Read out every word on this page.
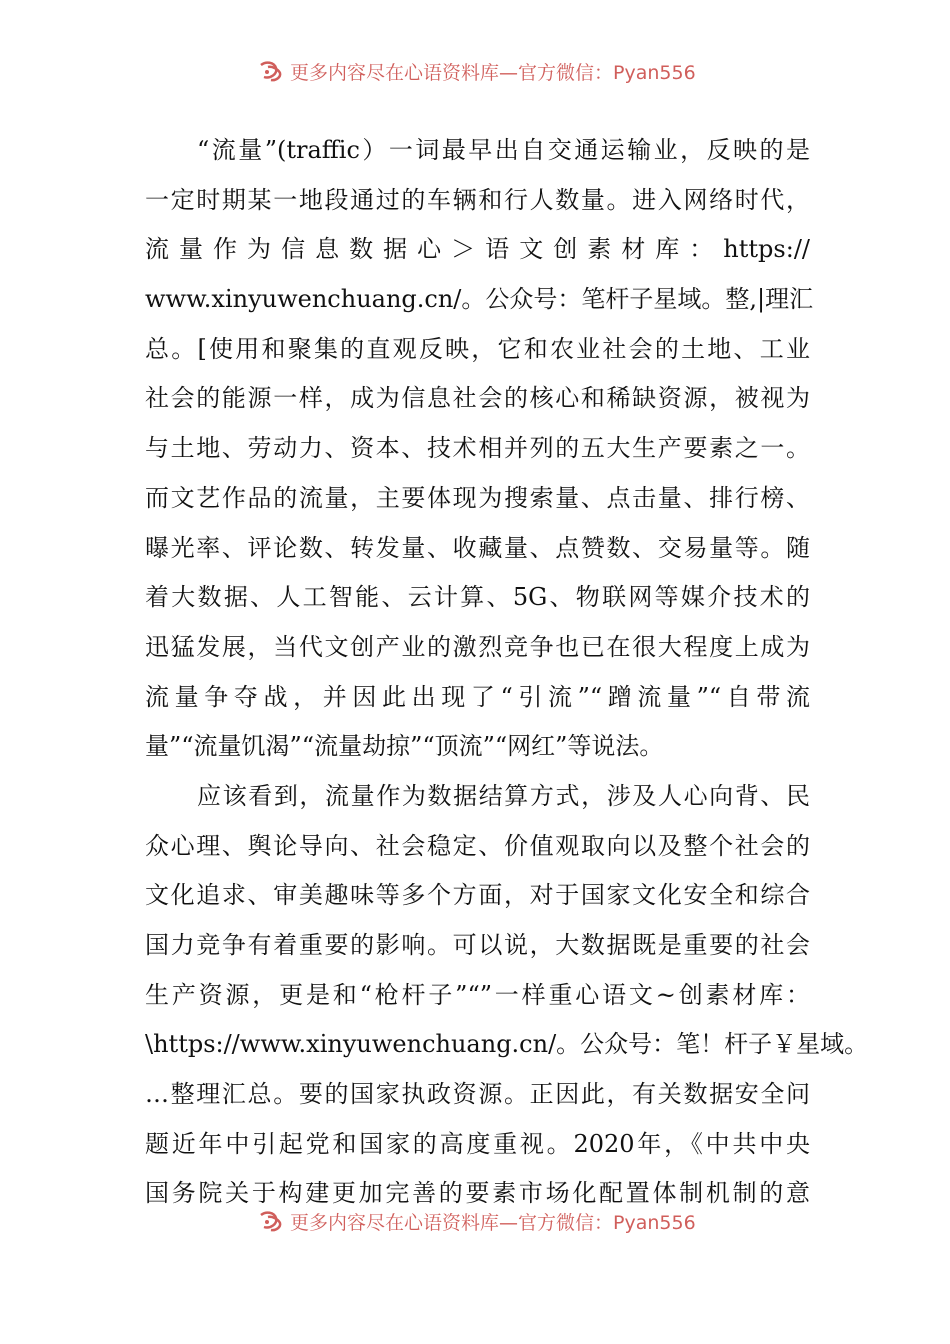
更多内容尽在心语资料库—官方微信：Pyan556
“流量”(traffic）一词最早出自交通运输业，反映的是
一定时期某一地段通过的车辆和行人数量。进入网络时代，
流量作为信息数据心＞语文创素材库：https://
www.xinyuwenchuang.cn/。公众号：笔杆子星域。整,|理汇
总。[使用和聚集的直观反映，它和农业社会的土地、工业
社会的能源一样，成为信息社会的核心和稀缺资源，被视为
与土地、劳动力、资本、技术相并列的五大生产要素之一。
而文艺作品的流量，主要体现为搜索量、点击量、排行榜、
曝光率、评论数、转发量、收藏量、点赞数、交易量等。随
着大数据、人工智能、云计算、5G、物联网等媒介技术的
迅猛发展，当代文创产业的激烈竞争也已在很大程度上成为
流量争夺战，并因此出现了“引流”“蹭流量”“自带流
量”“流量饥渴”“流量劫掠”“顶流”“网红”等说法。
应该看到，流量作为数据结算方式，涉及人心向背、民
众心理、舆论导向、社会稳定、价值观取向以及整个社会的
文化追求、审美趣味等多个方面，对于国家文化安全和综合
国力竞争有着重要的影响。可以说，大数据既是重要的社会
生产资源，更是和“枪杆子”“”一样重心语文~创素材库：
\https://www.xinyuwenchuang.cn/。公众号：笔！杆子￥星域。
…整理汇总。要的国家执政资源。正因此，有关数据安全问
题近年中引起党和国家的高度重视。2020年，《中共中央
国务院关于构建更加完善的要素市场化配置体制机制的意
更多内容尽在心语资料库—官方微信：Pyan556
